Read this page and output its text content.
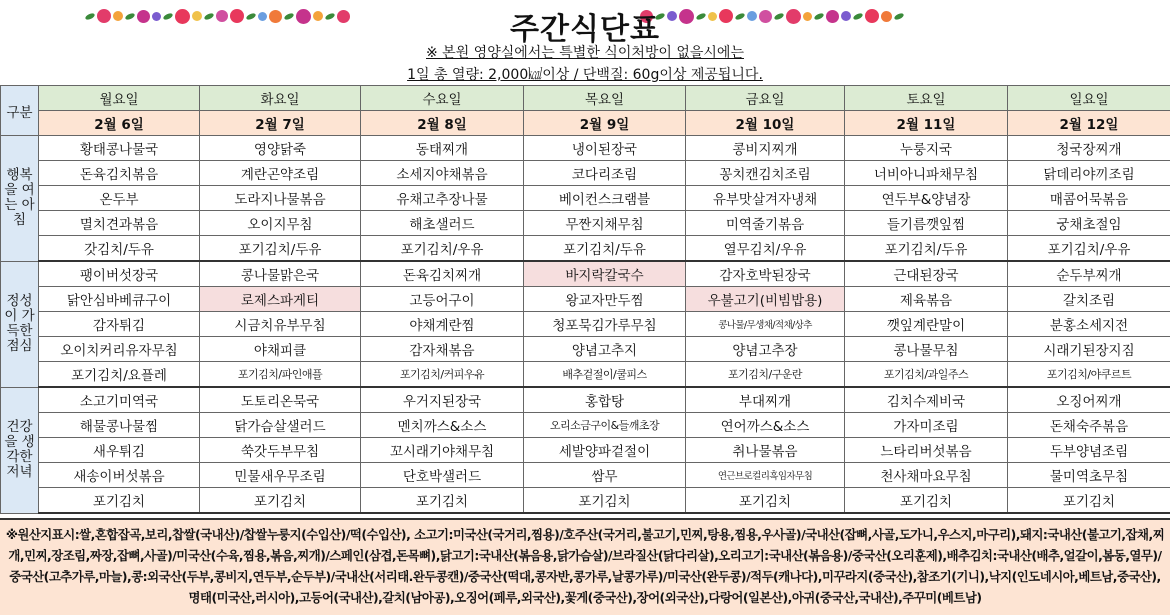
주간식단표
※ 본원 영양실에서는 특별한 식이처방이 없을시에는
1일 총 열량: 2,000㎉이상 / 단백질: 60g이상 제공됩니다.
구분	월요일	화요일	수요일	목요일	금요일	토요일	일요일
	2월 6일	2월 7일	2월 8일	2월 9일	2월 10일	2월 11일	2월 12일
행복을 여는 아침	황태콩나물국	영양닭죽	동태찌개	냉이된장국	콩비지찌개	누룽지국	청국장찌개
	돈육김치볶음	계란곤약조림	소세지야채볶음	코다리조림	꽁치캔김치조림	너비아니파채무침	닭데리야끼조림
	온두부	도라지나물볶음	유채고추장나물	베이컨스크램블	유부맛살겨자냉채	연두부&양념장	매콤어묵볶음
	멸치견과볶음	오이지무침	해초샐러드	무짠지채무침	미역줄기볶음	들기름깻잎찜	궁채초절임
	갓김치/두유	포기김치/두유	포기김치/우유	포기김치/두유	열무김치/우유	포기김치/두유	포기김치/우유
정성이 가득한 점심	팽이버섯장국	콩나물맑은국	돈육김치찌개	바지락칼국수	감자호박된장국	근대된장국	순두부찌개
	닭안심바베큐구이	로제스파게티	고등어구이	왕교자만두찜	우불고기(비빔밥용)	제육볶음	갈치조림
	감자튀김	시금치유부무침	야채계란찜	청포묵김가루무침	콩나물/무생채/적채/상추	깻잎계란말이	분홍소세지전
	오이치커리유자무침	야채피클	감자채볶음	양념고추지	양념고추장	콩나물무침	시래기된장지짐
	포기김치/요플레	포기김치/파인애플	포기김치/커피우유	배추겉절이/쿨피스	포기김치/구운란	포기김치/과일주스	포기김치/야쿠르트
건강을 생각한 저녁	소고기미역국	도토리온묵국	우거지된장국	홍합탕	부대찌개	김치수제비국	오징어찌개
	해물콩나물찜	닭가슴살샐러드	멘치까스&소스	오리소금구이&들깨초장	연어까스&소스	가자미조림	돈채숙주볶음
	새우튀김	쑥갓두부무침	꼬시래기야채무침	세발양파겉절이	취나물볶음	느타리버섯볶음	두부양념조림
	새송이버섯볶음	민물새우무조림	단호박샐러드	쌈무	연근브로컬리흑임자무침	천사채마요무침	물미역초무침
	포기김치	포기김치	포기김치	포기김치	포기김치	포기김치	포기김치
※원산지표시:쌀,혼합잡곡,보리,찹쌀(국내산)/찹쌀누룽지(수입산)/떡(수입산), 소고기:미국산(국거리,찜용)/호주산(국거리,불고기,민찌,탕용,찜용,우사골)/국내산(잡뼈,사골,도가니,우스지,마구리),돼지:국내산(불고기,잡채,찌개,민찌,장조림,짜장,잡뼈,사골)/미국산(수육,찜용,볶음,찌개)/스페인(삼겹,돈목뼈),닭고기:국내산(볶음용,닭가슴살)/브라질산(닭다리살),오리고기:국내산(볶음용)/중국산(오리훈제),배추김치:국내산(배추,얼갈이,봄동,열무)/중국산(고추가루,마늘),콩:외국산(두부,콩비지,연두부,순두부)/국내산(서리태.완두콩캔)/중국산(떡대,콩자반,콩가루,날콩가루)/미국산(완두콩)/적두(캐나다),미꾸라지(중국산),참조기(기니),낙지(인도네시아,베트남,중국산),명태(미국산,러시아),고등어(국내산),갈치(남아공),오징어(페루,외국산),꽃게(중국산),장어(외국산),다랑어(일본산),아귀(중국산,국내산),주꾸미(베트남)
